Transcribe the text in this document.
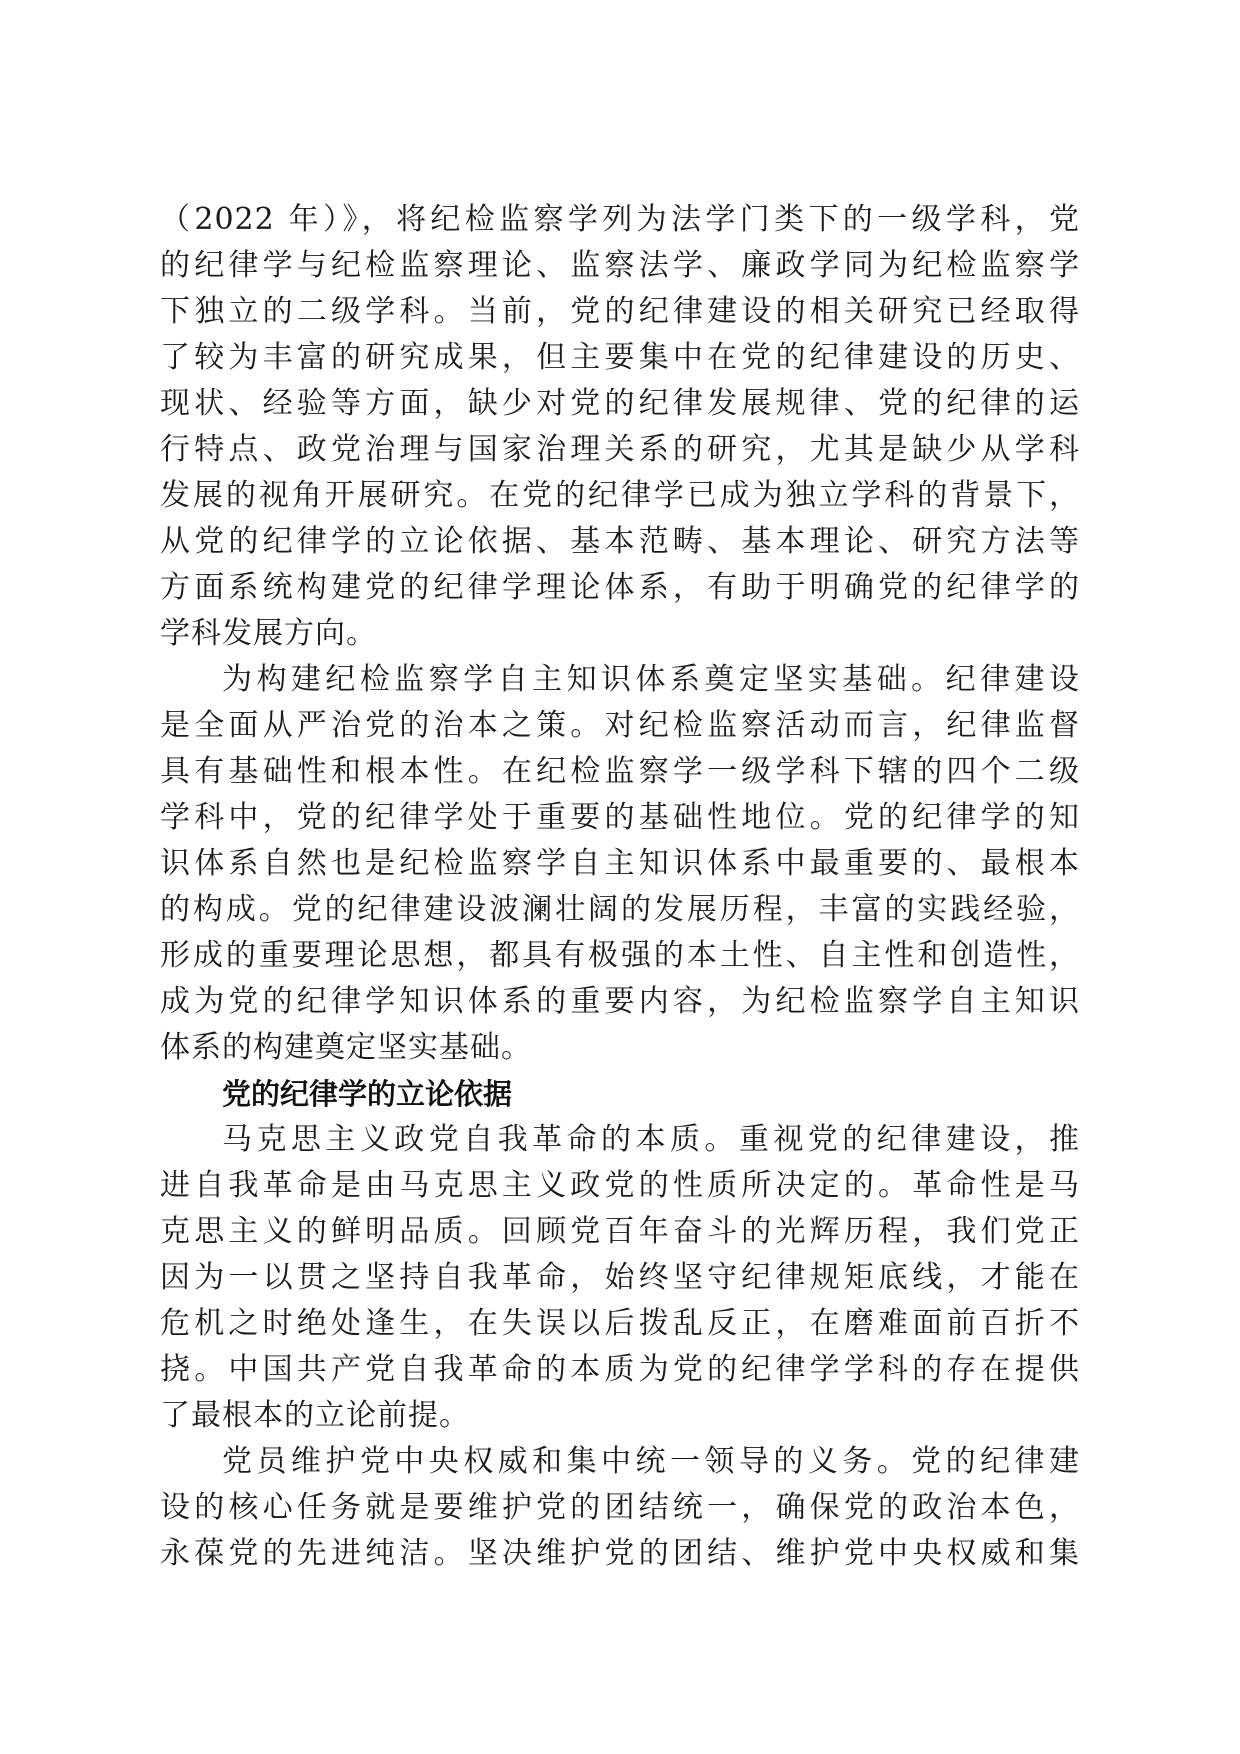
（2022 年）》，将纪检监察学列为法学门类下的一级学科，党
的纪律学与纪检监察理论、监察法学、廉政学同为纪检监察学
下独立的二级学科。当前，党的纪律建设的相关研究已经取得
了较为丰富的研究成果，但主要集中在党的纪律建设的历史、
现状、经验等方面，缺少对党的纪律发展规律、党的纪律的运
行特点、政党治理与国家治理关系的研究，尤其是缺少从学科
发展的视角开展研究。在党的纪律学已成为独立学科的背景下，
从党的纪律学的立论依据、基本范畴、基本理论、研究方法等
方面系统构建党的纪律学理论体系，有助于明确党的纪律学的
学科发展方向。
为构建纪检监察学自主知识体系奠定坚实基础。纪律建设
是全面从严治党的治本之策。对纪检监察活动而言，纪律监督
具有基础性和根本性。在纪检监察学一级学科下辖的四个二级
学科中，党的纪律学处于重要的基础性地位。党的纪律学的知
识体系自然也是纪检监察学自主知识体系中最重要的、最根本
的构成。党的纪律建设波澜壮阔的发展历程，丰富的实践经验，
形成的重要理论思想，都具有极强的本土性、自主性和创造性，
成为党的纪律学知识体系的重要内容，为纪检监察学自主知识
体系的构建奠定坚实基础。
党的纪律学的立论依据
马克思主义政党自我革命的本质。重视党的纪律建设，推
进自我革命是由马克思主义政党的性质所决定的。革命性是马
克思主义的鲜明品质。回顾党百年奋斗的光辉历程，我们党正
因为一以贯之坚持自我革命，始终坚守纪律规矩底线，才能在
危机之时绝处逢生，在失误以后拨乱反正，在磨难面前百折不
挠。中国共产党自我革命的本质为党的纪律学学科的存在提供
了最根本的立论前提。
党员维护党中央权威和集中统一领导的义务。党的纪律建
设的核心任务就是要维护党的团结统一，确保党的政治本色，
永葆党的先进纯洁。坚决维护党的团结、维护党中央权威和集
